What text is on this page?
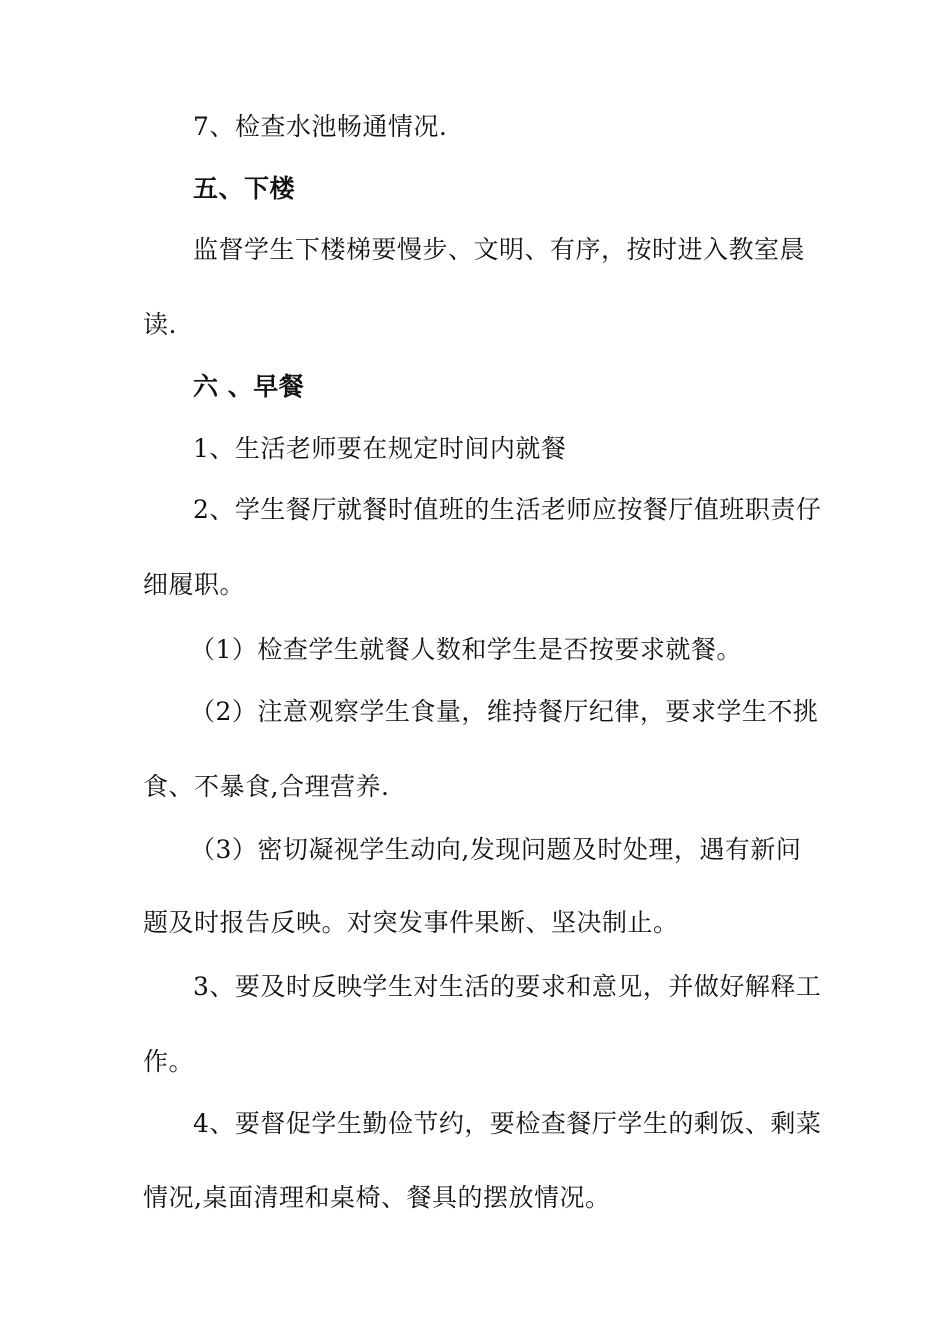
7、检查水池畅通情况.
五、下楼
监督学生下楼梯要慢步、文明、有序，按时进入教室晨
读.
六 、早餐
1、生活老师要在规定时间内就餐
2、学生餐厅就餐时值班的生活老师应按餐厅值班职责仔
细履职。
（1）检查学生就餐人数和学生是否按要求就餐。
（2）注意观察学生食量，维持餐厅纪律，要求学生不挑
食、不暴食,合理营养.
（3）密切凝视学生动向,发现问题及时处理，遇有新问
题及时报告反映。对突发事件果断、坚决制止。
3、要及时反映学生对生活的要求和意见，并做好解释工
作。
4、要督促学生勤俭节约，要检查餐厅学生的剩饭、剩菜
情况,桌面清理和桌椅、餐具的摆放情况。
